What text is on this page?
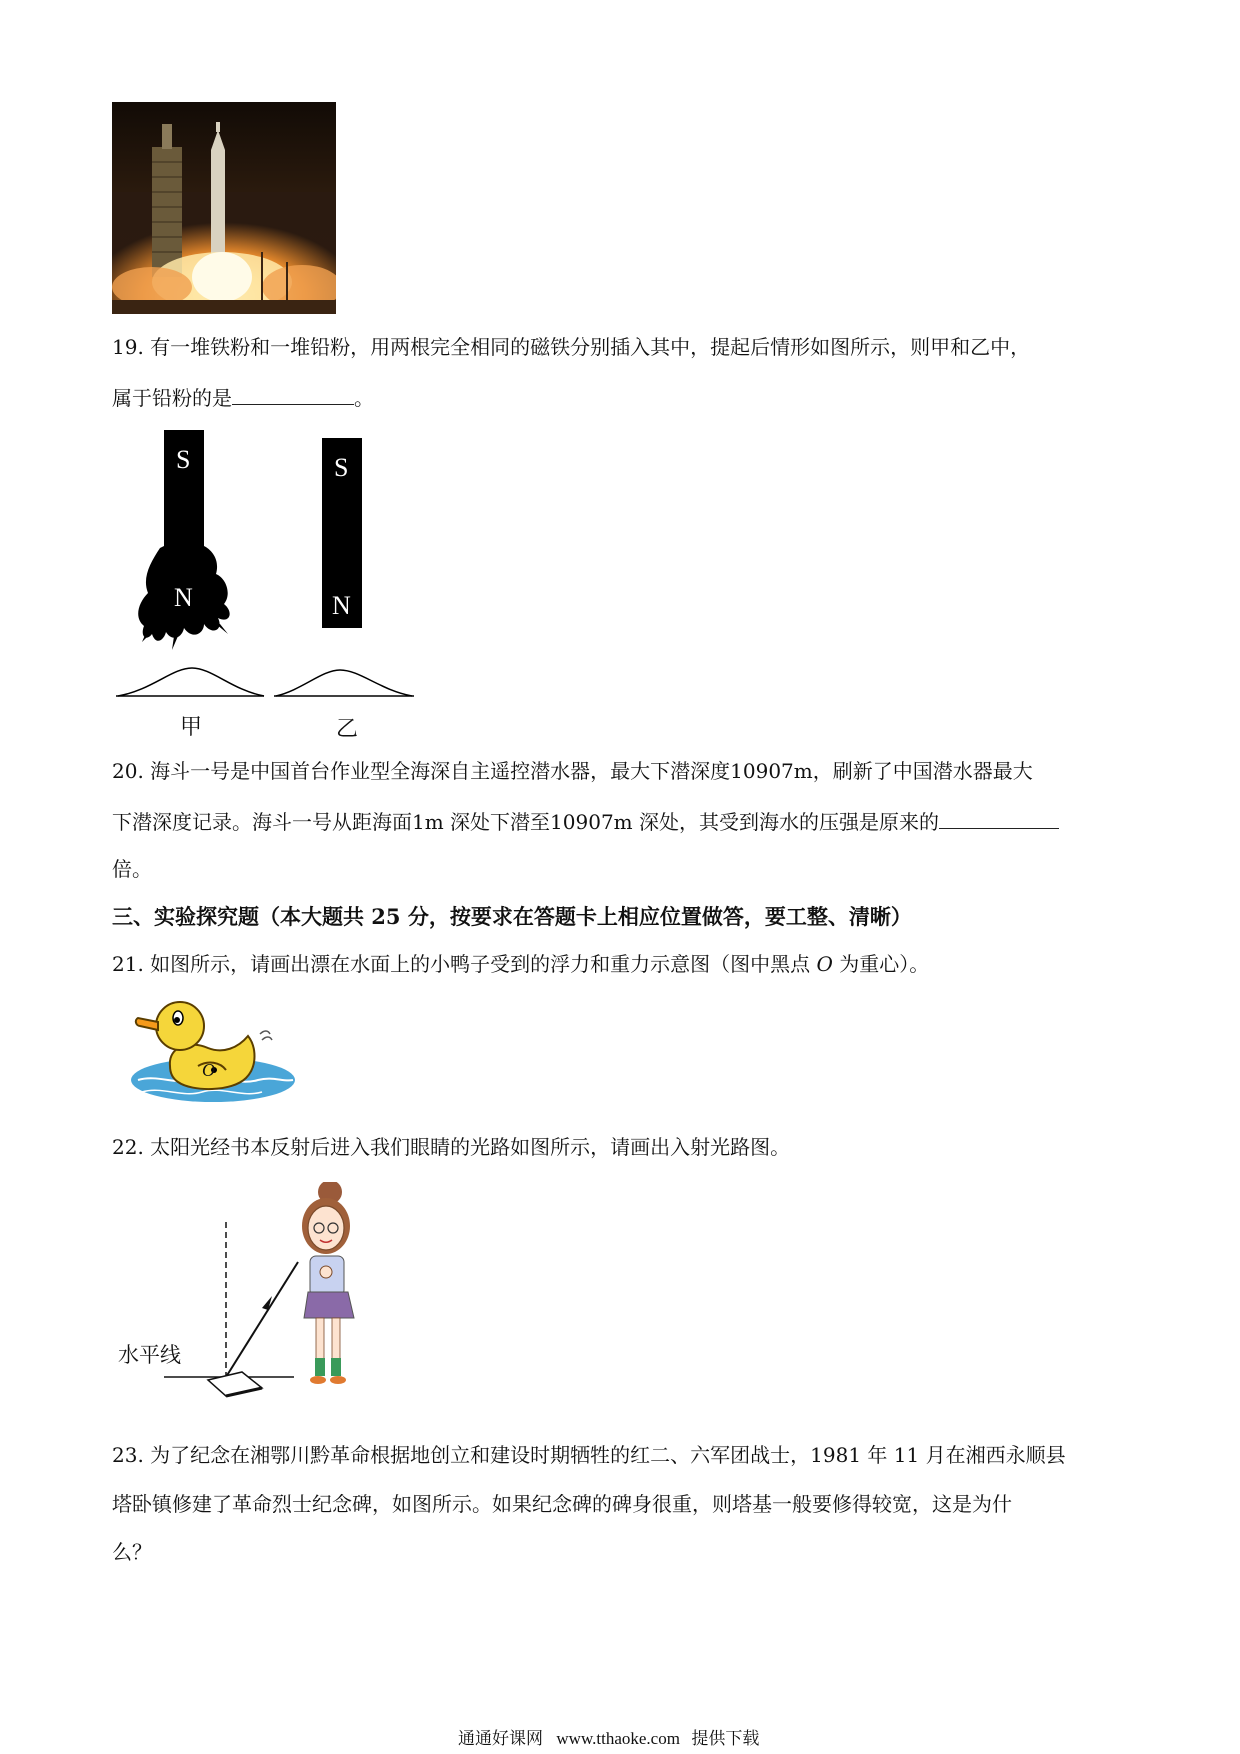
19. 有一堆铁粉和一堆铅粉，用两根完全相同的磁铁分别插入其中，提起后情形如图所示，则甲和乙中，
属于铅粉的是	。
S
N
S
N
甲	乙
20. 海斗一号是中国首台作业型全海深自主遥控潜水器，最大下潜深度10907m，刷新了中国潜水器最大
下潜深度记录。海斗一号从距海面1m 深处下潜至10907m 深处，其受到海水的压强是原来的
倍。
三、实验探究题（本大题共 25 分，按要求在答题卡上相应位置做答，要工整、清晰）
21. 如图所示，请画出漂在水面上的小鸭子受到的浮力和重力示意图（图中黑点 O 为重心）。
O
22. 太阳光经书本反射后进入我们眼睛的光路如图所示，请画出入射光路图。
水平线
23. 为了纪念在湘鄂川黔革命根据地创立和建设时期牺牲的红二、六军团战士，1981 年 11 月在湘西永顺县
塔卧镇修建了革命烈士纪念碑，如图所示。如果纪念碑的碑身很重，则塔基一般要修得较宽，这是为什
么？
通通好课网 www.tthaoke.com 提供下载
